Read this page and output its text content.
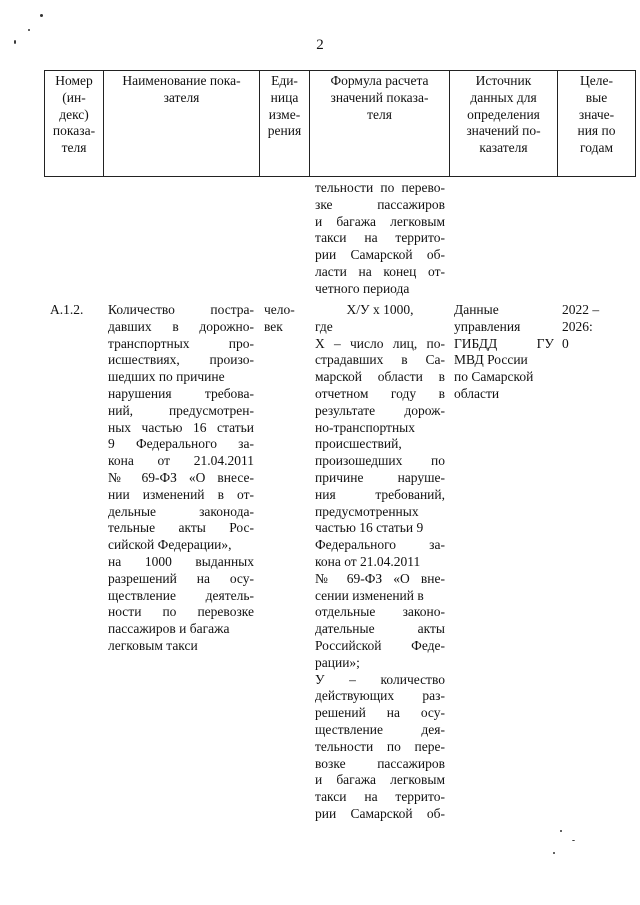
2
Номер
(ин-
декс)
показа-
теля
Наименование пока-
зателя
Еди-
ница
изме-
рения
Формула расчета
значений показа-
теля
Источник
данных для
определения
значений по-
казателя
Целе-
вые
значе-
ния по
годам
тельности по перево-
зке пассажиров
и багажа легковым
такси на террито-
рии Самарской об-
ласти на конец от-
четного периода
А.1.2.	Количество постра-
давших в дорожно-
транспортных про-
исшествиях, произо-
шедших по причине
нарушения требова-
ний, предусмотрен-
ных частью 16 статьи
9 Федерального за-
кона от 21.04.2011
№ 69-ФЗ «О внесе-
нии изменений в от-
дельные законода-
тельные акты Рос-
сийской Федерации»,
на 1000 выданных
разрешений на осу-
ществление деятель-
ности по перевозке
пассажиров и багажа
легковым такси
чело-
век
Х/У х 1000,
где
Х – число лиц, по-
страдавших в Са-
марской области в
отчетном году в
результате дорож-
но-транспортных
происшествий,
произошедших по
причине наруше-
ния требований,
предусмотренных
частью 16 статьи 9
Федерального за-
кона от 21.04.2011
№ 69-ФЗ «О вне-
сении изменений в
отдельные законо-
дательные акты
Российской Феде-
рации»;
У – количество
действующих раз-
решений на осу-
ществление дея-
тельности по пере-
возке пассажиров
и багажа легковым
такси на террито-
рии Самарской об-
Данные
управления
ГИБДД ГУ
МВД России
по Самарской
области
2022 –
2026:
0
